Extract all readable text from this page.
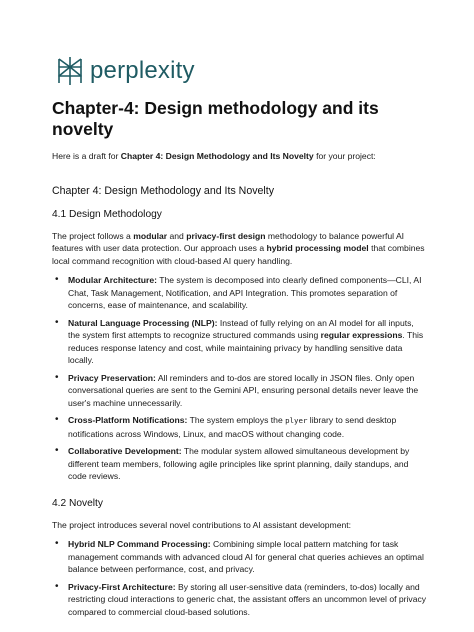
perplexity
Chapter-4: Design methodology and its novelty

Here is a draft for Chapter 4: Design Methodology and Its Novelty for your project:

Chapter 4: Design Methodology and Its Novelty
4.1 Design Methodology

The project follows a modular and privacy-first design methodology to balance powerful AI features with user data protection. Our approach uses a hybrid processing model that combines local command recognition with cloud-based AI query handling.

• Modular Architecture: The system is decomposed into clearly defined components—CLI, AI Chat, Task Management, Notification, and API Integration. This promotes separation of concerns, ease of maintenance, and scalability.
• Natural Language Processing (NLP): Instead of fully relying on an AI model for all inputs, the system first attempts to recognize structured commands using regular expressions. This reduces response latency and cost, while maintaining privacy by handling sensitive data locally.
• Privacy Preservation: All reminders and to-dos are stored locally in JSON files. Only open conversational queries are sent to the Gemini API, ensuring personal details never leave the user's machine unnecessarily.
• Cross-Platform Notifications: The system employs the plyer library to send desktop notifications across Windows, Linux, and macOS without changing code.
• Collaborative Development: The modular system allowed simultaneous development by different team members, following agile principles like sprint planning, daily standups, and code reviews.
4.2 Novelty

The project introduces several novel contributions to AI assistant development:

• Hybrid NLP Command Processing: Combining simple local pattern matching for task management commands with advanced cloud AI for general chat queries achieves an optimal balance between performance, cost, and privacy.
• Privacy-First Architecture: By storing all user-sensitive data (reminders, to-dos) locally and restricting cloud interactions to generic chat, the assistant offers an uncommon level of privacy compared to commercial cloud-based solutions.
